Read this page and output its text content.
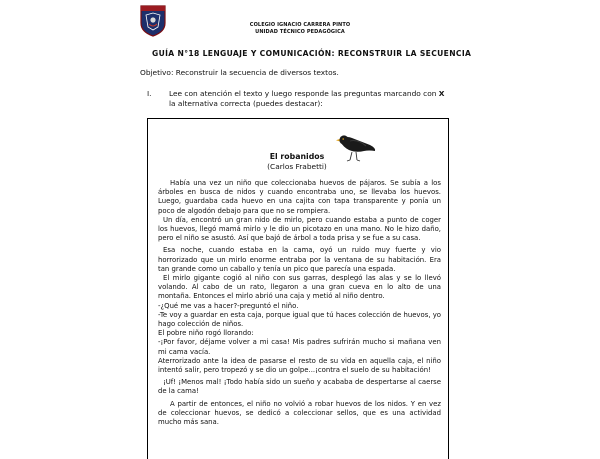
COLEGIO IGNACIO CARRERA PINTO
UNIDAD TÉCNICO PEDAGÓGICA
GUÍA N°18 LENGUAJE Y COMUNICACIÓN: RECONSTRUIR LA SECUENCIA
Objetivo: Reconstruir la secuencia de diversos textos.
I. Lee con atención el texto y luego responde las preguntas marcando con X la alternativa correcta (puedes destacar):
El robanidos
(Carlos Frabetti)

Había una vez un niño que coleccionaba huevos de pájaros. Se subía a los árboles en busca de nidos y cuando encontraba uno, se llevaba los huevos. Luego, guardaba cada huevo en una cajita con tapa transparente y ponía un poco de algodón debajo para que no se rompiera.

Un día, encontró un gran nido de mirlo, pero cuando estaba a punto de coger los huevos, llegó mamá mirlo y le dio un picotazo en una mano. No le hizo daño, pero el niño se asustó. Así que bajó de árbol a toda prisa y se fue a su casa.

Esa noche, cuando estaba en la cama, oyó un ruido muy fuerte y vio horrorizado que un mirlo enorme entraba por la ventana de su habitación. Era tan grande como un caballo y tenía un pico que parecía una espada.

El mirlo gigante cogió al niño con sus garras, desplegó las alas y se lo llevó volando. Al cabo de un rato, llegaron a una gran cueva en lo alto de una montaña. Entonces el mirlo abrió una caja y metió al niño dentro.

-¿Qué me vas a hacer?-preguntó el niño.

-Te voy a guardar en esta caja, porque igual que tú haces colección de huevos, yo hago colección de niños.

El pobre niño rogó llorando:

-¡Por favor, déjame volver a mi casa! Mis padres sufrirán mucho si mañana ven mi cama vacía.

Aterrorizado ante la idea de pasarse el resto de su vida en aquella caja, el niño intentó salir, pero tropezó y se dio un golpe...¡contra el suelo de su habitación!

¡Uf! ¡Menos mal! ¡Todo había sido un sueño y acababa de despertarse al caerse de la cama!

A partir de entonces, el niño no volvió a robar huevos de los nidos. Y en vez de coleccionar huevos, se dedicó a coleccionar sellos, que es una actividad mucho más sana.
